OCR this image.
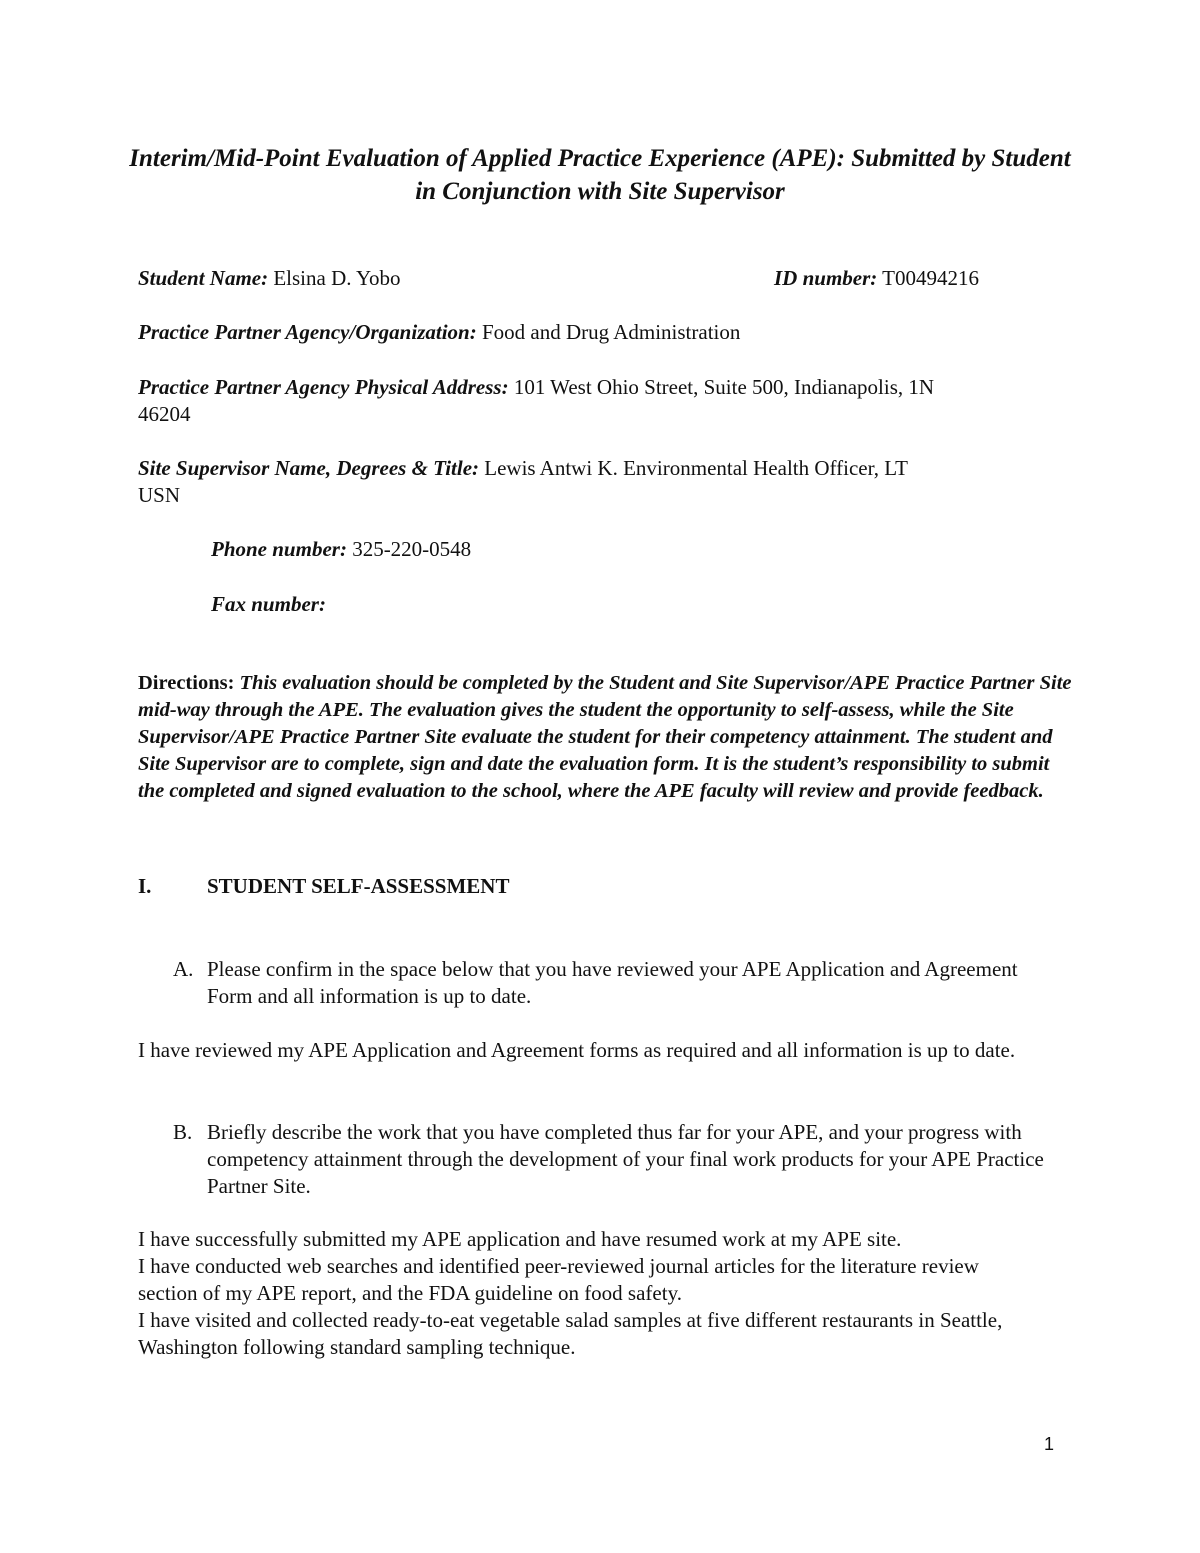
Interim/Mid-Point Evaluation of Applied Practice Experience (APE): Submitted by Student in Conjunction with Site Supervisor
Student Name: Elsina D. Yobo	ID number: T00494216
Practice Partner Agency/Organization: Food and Drug Administration
Practice Partner Agency Physical Address: 101 West Ohio Street, Suite 500, Indianapolis, 1N
46204
Site Supervisor Name, Degrees & Title: Lewis Antwi K. Environmental Health Officer, LT
USN
Phone number: 325-220-0548
Fax number:
Directions: This evaluation should be completed by the Student and Site Supervisor/APE Practice Partner Site mid-way through the APE. The evaluation gives the student the opportunity to self-assess, while the Site Supervisor/APE Practice Partner Site evaluate the student for their competency attainment. The student and Site Supervisor are to complete, sign and date the evaluation form. It is the student’s responsibility to submit the completed and signed evaluation to the school, where the APE faculty will review and provide feedback.
I.	STUDENT SELF-ASSESSMENT
A. Please confirm in the space below that you have reviewed your APE Application and Agreement Form and all information is up to date.
I have reviewed my APE Application and Agreement forms as required and all information is up to date.
B. Briefly describe the work that you have completed thus far for your APE, and your progress with competency attainment through the development of your final work products for your APE Practice Partner Site.
I have successfully submitted my APE application and have resumed work at my APE site.
I have conducted web searches and identified peer-reviewed journal articles for the literature review section of my APE report, and the FDA guideline on food safety.
I have visited and collected ready-to-eat vegetable salad samples at five different restaurants in Seattle, Washington following standard sampling technique.
1
